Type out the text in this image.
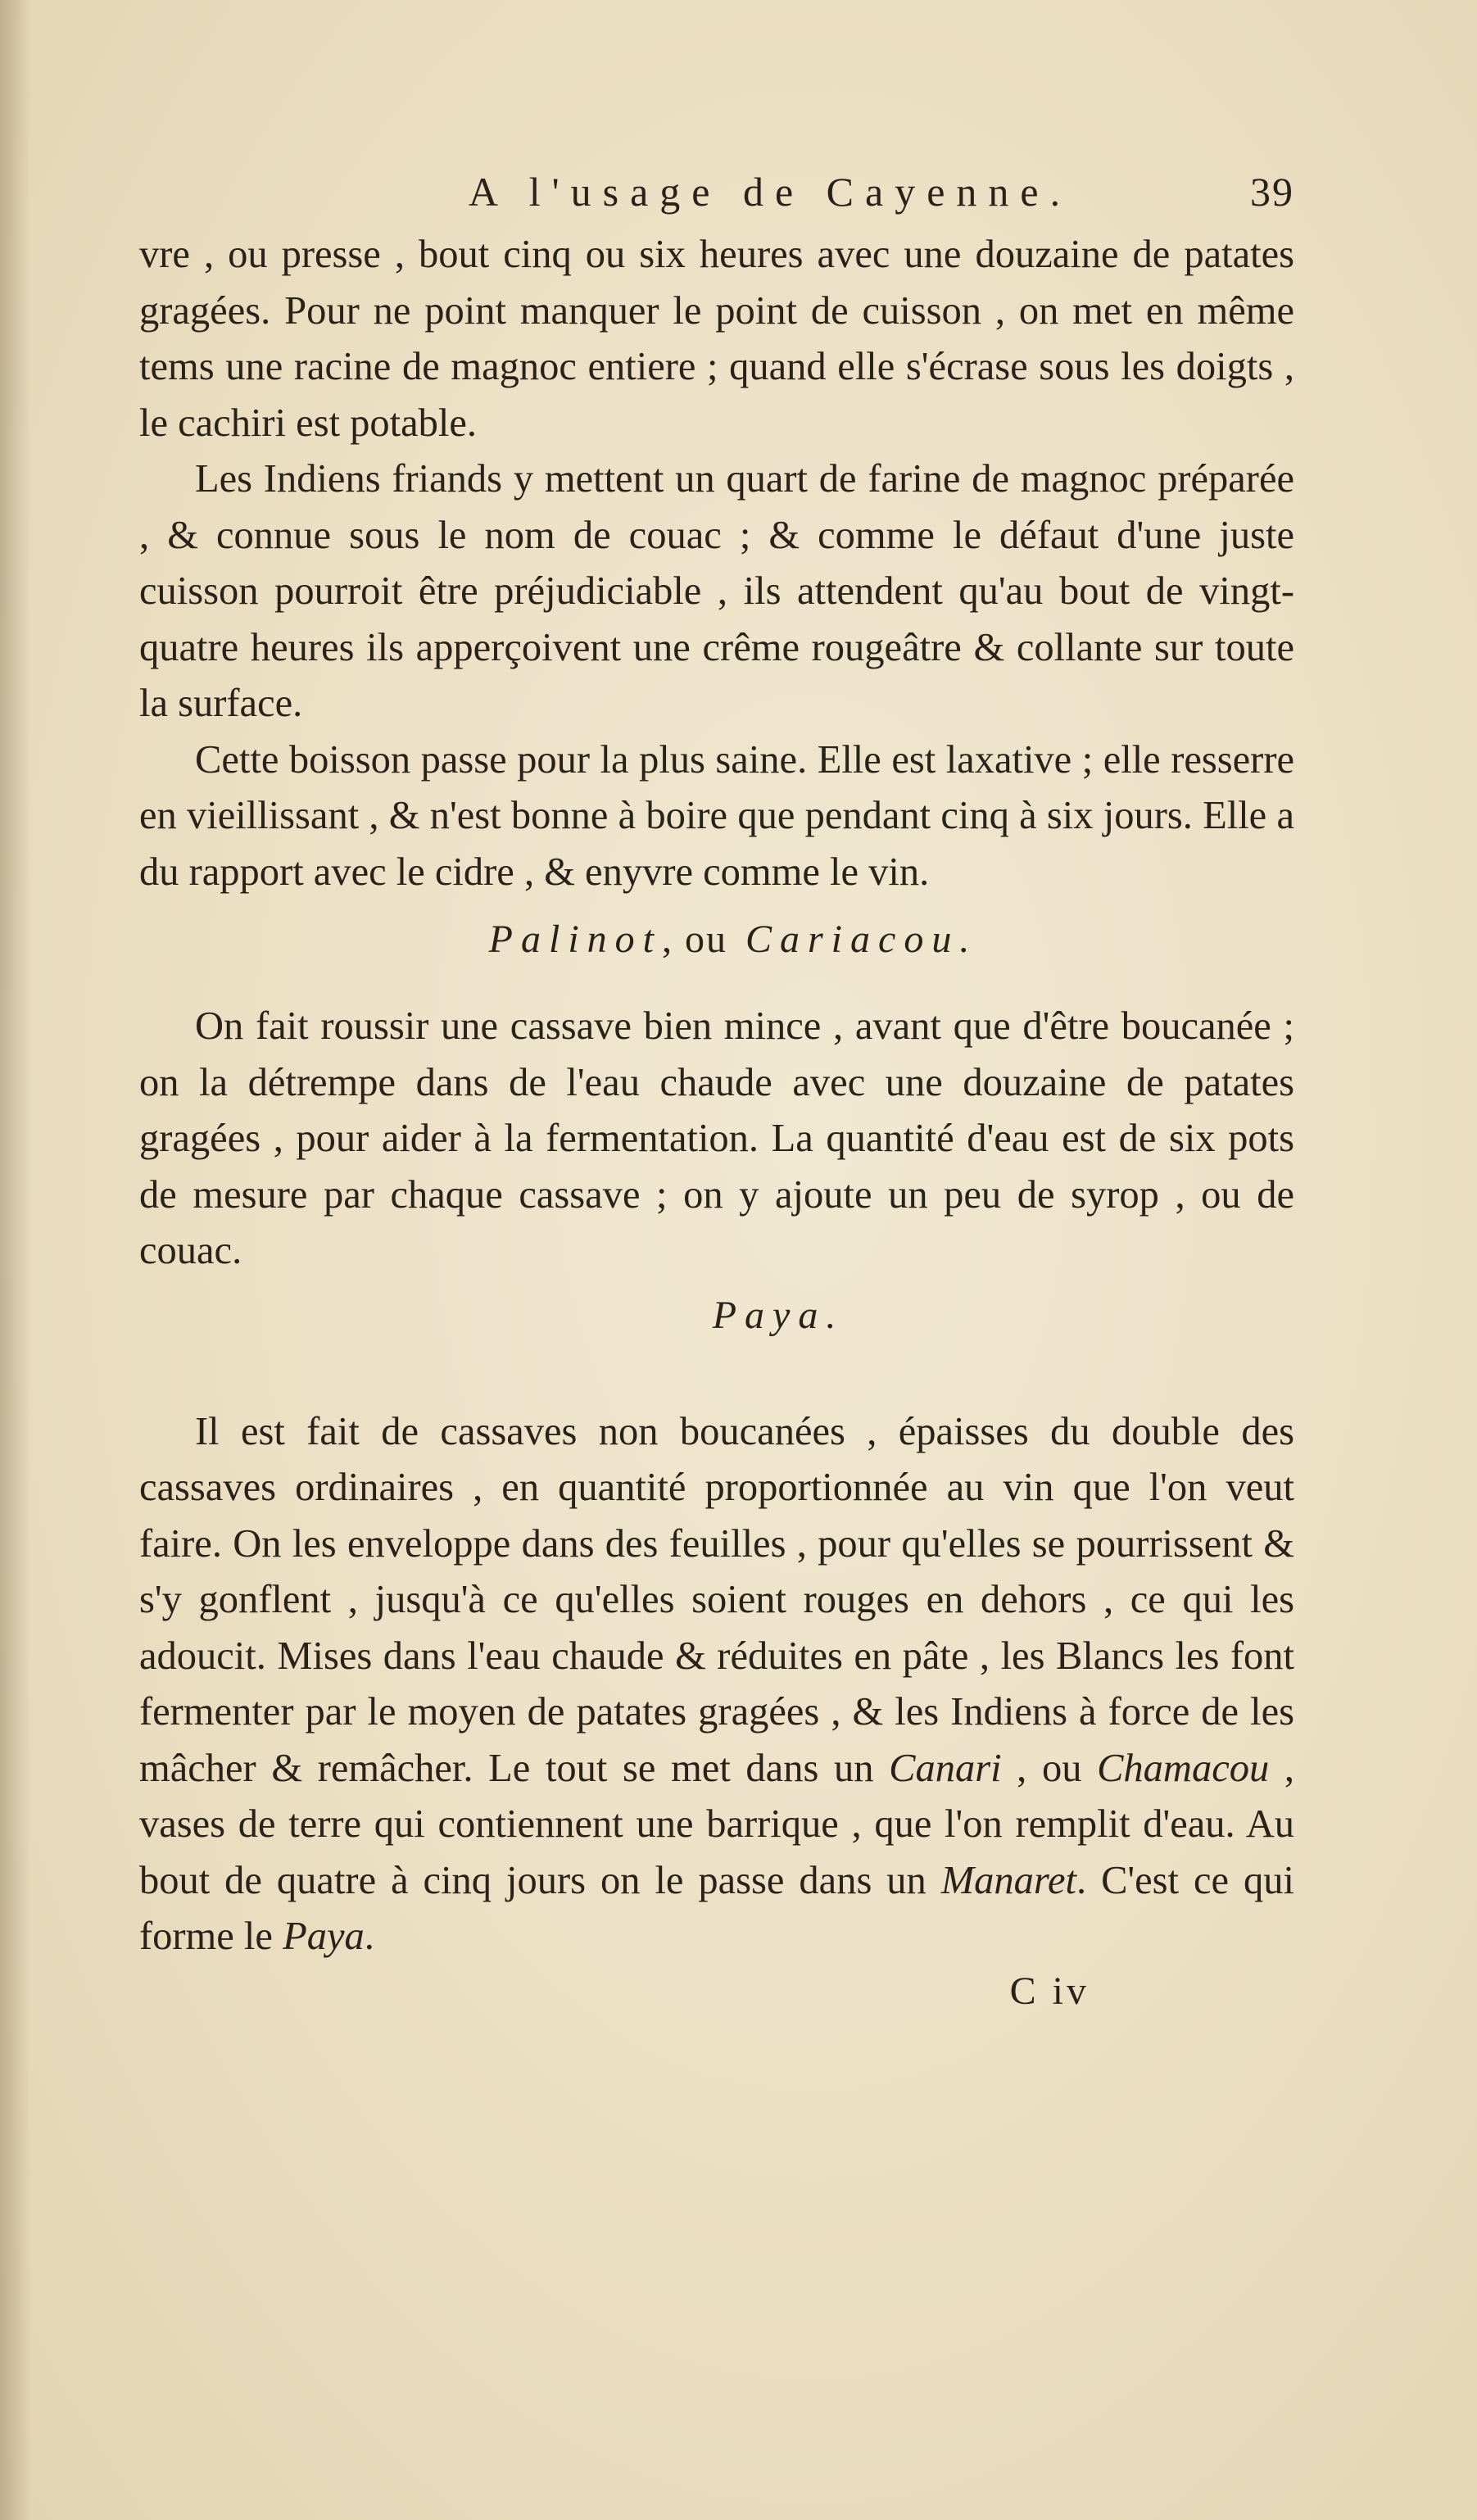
A l'usage de Cayenne.	39

vre , ou presse , bout cinq ou six heures avec une douzaine de patates gragées. Pour ne point manquer le point de cuisson , on met en même tems une racine de magnoc entiere ; quand elle s'écrase sous les doigts , le cachiri est potable.

Les Indiens friands y mettent un quart de farine de magnoc préparée , & connue sous le nom de couac ; & comme le défaut d'une juste cuisson pourroit être préjudiciable , ils attendent qu'au bout de vingt-quatre heures ils apperçoivent une crême rougeâtre & collante sur toute la surface.

Cette boisson passe pour la plus saine. Elle est laxative ; elle resserre en vieillissant , & n'est bonne à boire que pendant cinq à six jours. Elle a du rapport avec le cidre , & enyvre comme le vin.

Palinot, ou Cariacou.

On fait roussir une cassave bien mince , avant que d'être boucanée ; on la détrempe dans de l'eau chaude avec une douzaine de patates gragées , pour aider à la fermentation. La quantité d'eau est de six pots de mesure par chaque cassave ; on y ajoute un peu de syrop , ou de couac.

Paya.

Il est fait de cassaves non boucanées , épaisses du double des cassaves ordinaires , en quantité proportionnée au vin que l'on veut faire. On les enveloppe dans des feuilles , pour qu'elles se pourrissent & s'y gonflent , jusqu'à ce qu'elles soient rouges en dehors , ce qui les adoucit. Mises dans l'eau chaude & réduites en pâte , les Blancs les font fermenter par le moyen de patates gragées , & les Indiens à force de les mâcher & remâcher. Le tout se met dans un Canari , ou Chamacou , vases de terre qui contiennent une barrique , que l'on remplit d'eau. Au bout de quatre à cinq jours on le passe dans un Manaret. C'est ce qui forme le Paya.

C iv
